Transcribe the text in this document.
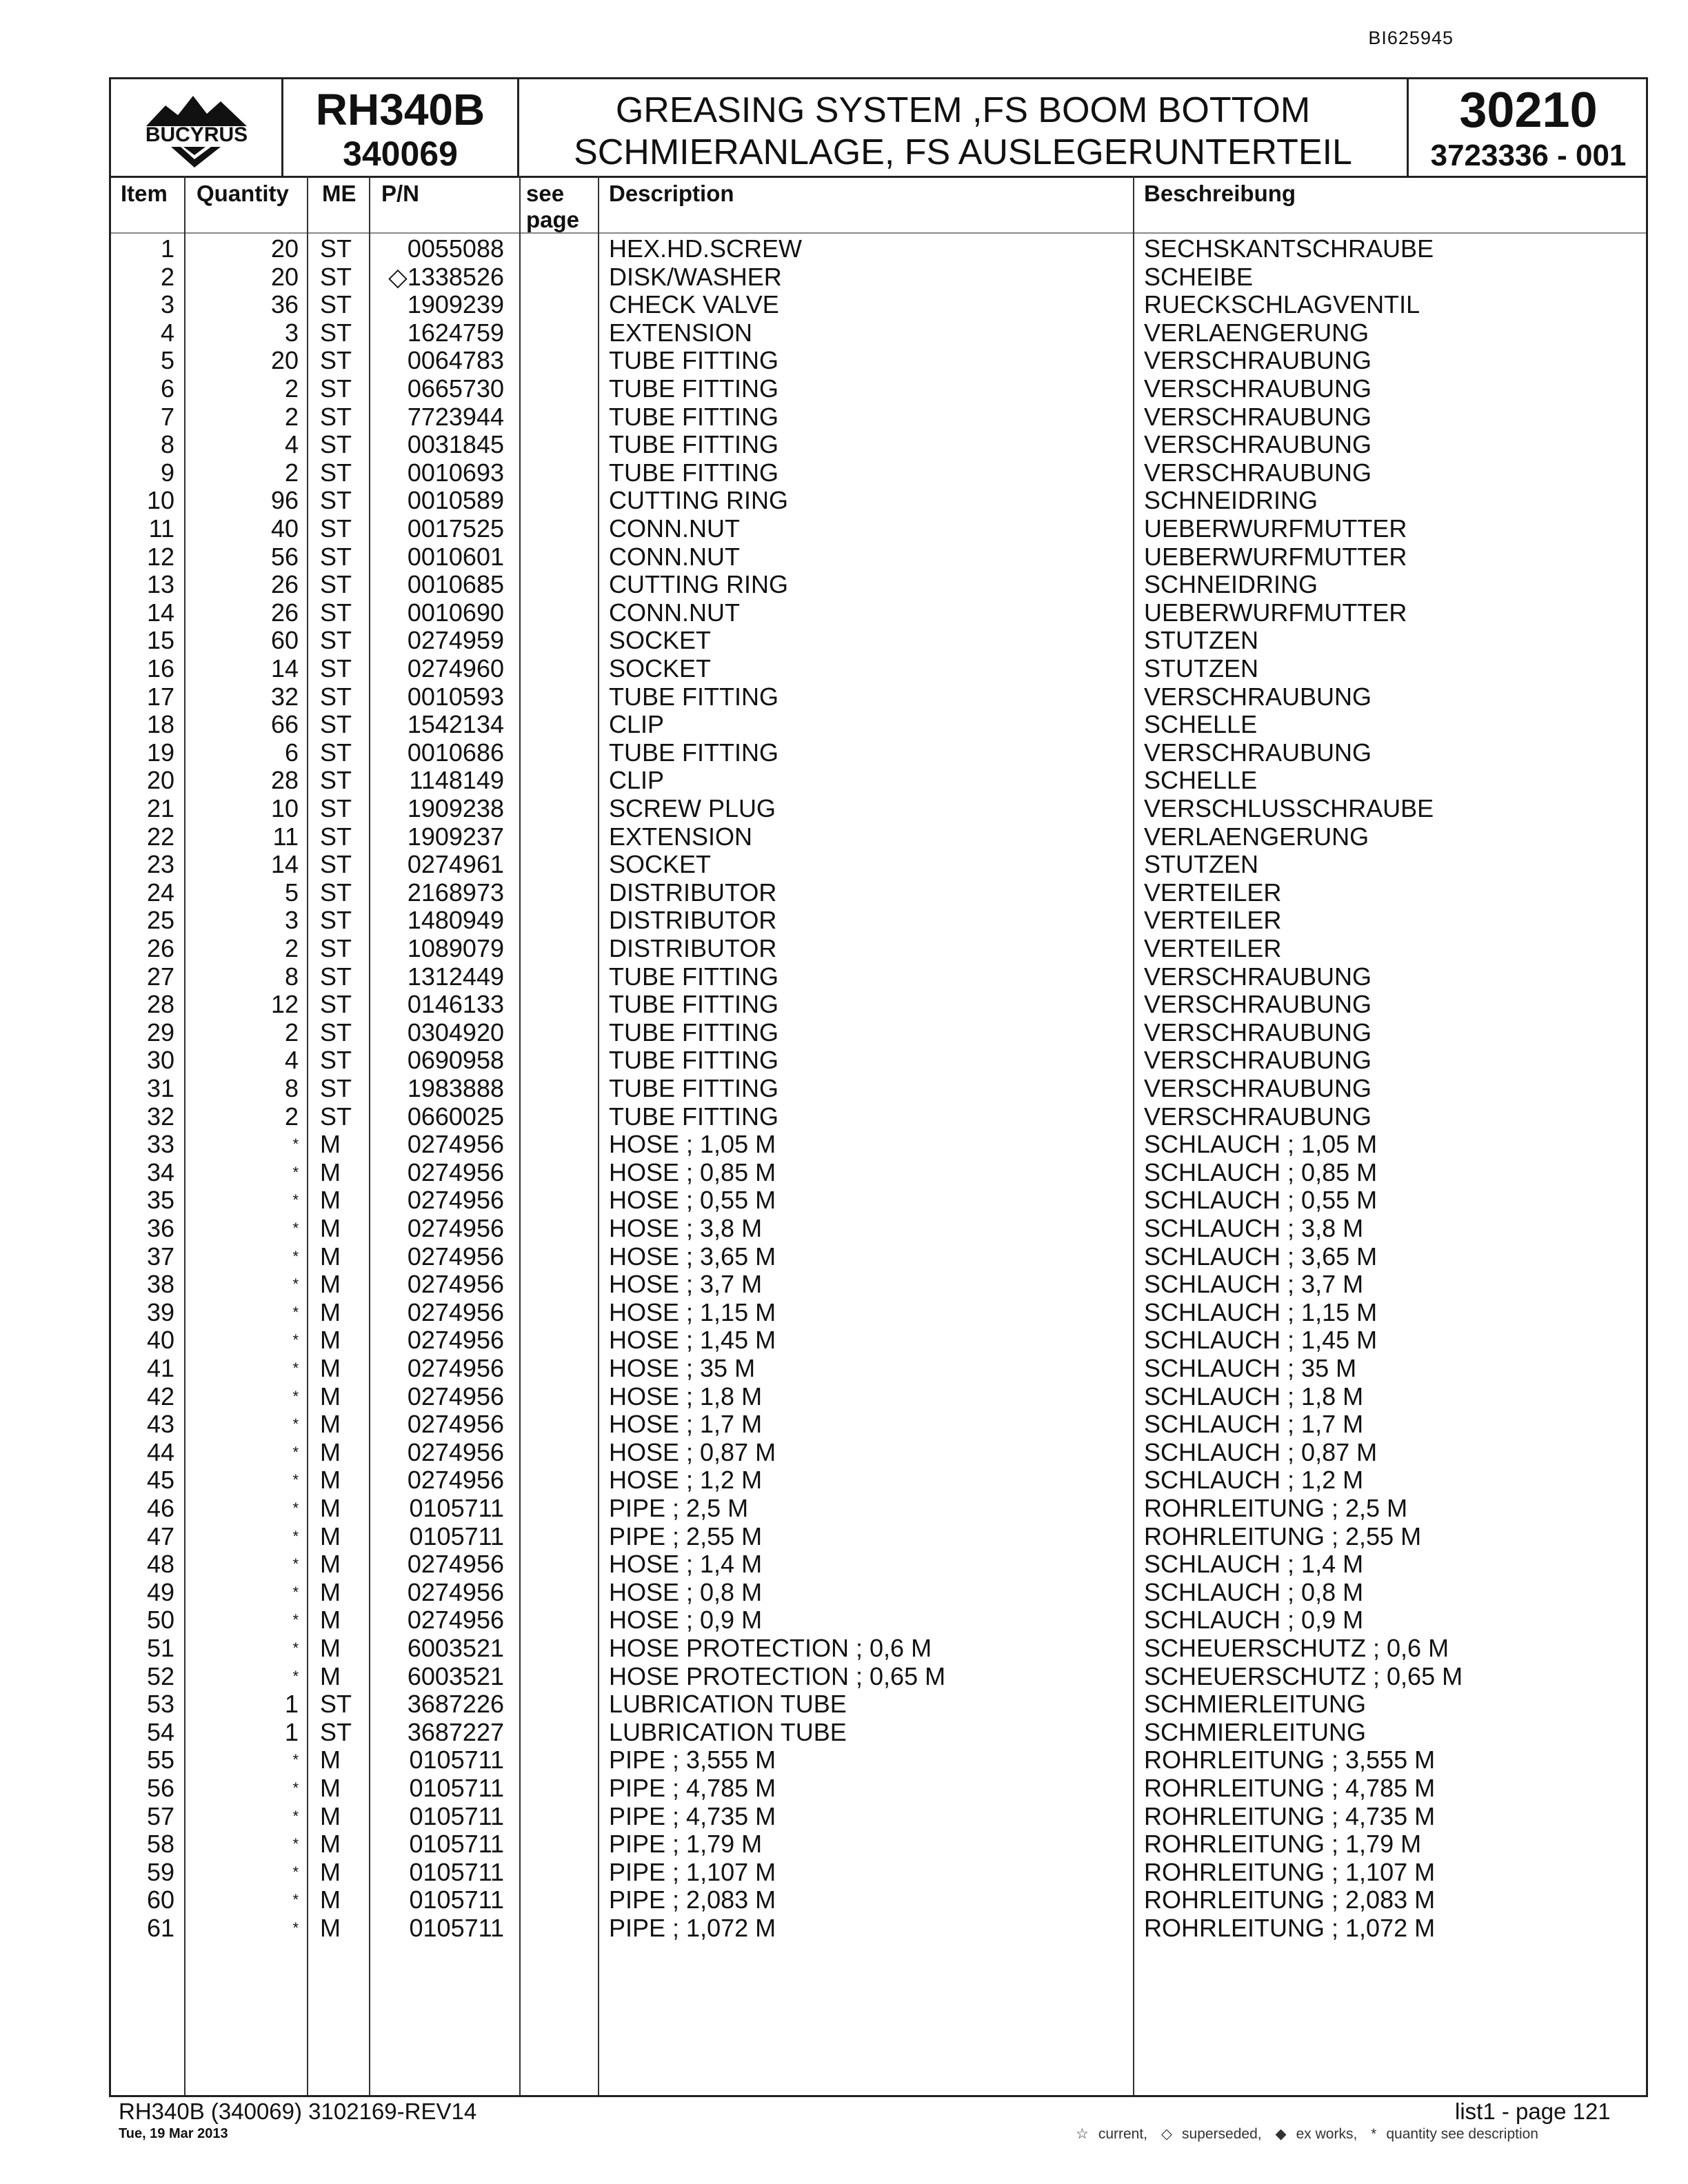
BI625945
BUCYRUS
RH340B
340069
GREASING SYSTEM ,FS BOOM BOTTOM
SCHMIERANLAGE, FS AUSLEGERUNTERTEIL
30210
3723336 - 001
Item Quantity ME P/N	see
page
Description	Beschreibung
1	20 ST 0055088	HEX.HD.SCREW	SECHSKANTSCHRAUBE
2	20 ST ◇1338526	DISK/WASHER	SCHEIBE
3	36 ST 1909239	CHECK VALVE	RUECKSCHLAGVENTIL
4	3 ST 1624759	EXTENSION	VERLAENGERUNG
5	20 ST 0064783	TUBE FITTING	VERSCHRAUBUNG
6	2 ST 0665730	TUBE FITTING	VERSCHRAUBUNG
7	2 ST 7723944	TUBE FITTING	VERSCHRAUBUNG
8	4 ST 0031845	TUBE FITTING	VERSCHRAUBUNG
9	2 ST 0010693	TUBE FITTING	VERSCHRAUBUNG
10	96 ST 0010589	CUTTING RING	SCHNEIDRING
11	40 ST 0017525	CONN.NUT	UEBERWURFMUTTER
12	56 ST 0010601	CONN.NUT	UEBERWURFMUTTER
13	26 ST 0010685	CUTTING RING	SCHNEIDRING
14	26 ST 0010690	CONN.NUT	UEBERWURFMUTTER
15	60 ST 0274959	SOCKET	STUTZEN
16	14 ST 0274960	SOCKET	STUTZEN
17	32 ST 0010593	TUBE FITTING	VERSCHRAUBUNG
18	66 ST 1542134	CLIP	SCHELLE
19	6 ST 0010686	TUBE FITTING	VERSCHRAUBUNG
20	28 ST 1148149	CLIP	SCHELLE
21	10 ST 1909238	SCREW PLUG	VERSCHLUSSCHRAUBE
22	11 ST 1909237	EXTENSION	VERLAENGERUNG
23	14 ST 0274961	SOCKET	STUTZEN
24	5 ST 2168973	DISTRIBUTOR	VERTEILER
25	3 ST 1480949	DISTRIBUTOR	VERTEILER
26	2 ST 1089079	DISTRIBUTOR	VERTEILER
27	8 ST 1312449	TUBE FITTING	VERSCHRAUBUNG
28	12 ST 0146133	TUBE FITTING	VERSCHRAUBUNG
29	2 ST 0304920	TUBE FITTING	VERSCHRAUBUNG
30	4 ST 0690958	TUBE FITTING	VERSCHRAUBUNG
31	8 ST 1983888	TUBE FITTING	VERSCHRAUBUNG
32	2 ST 0660025	TUBE FITTING	VERSCHRAUBUNG
33	* M	0274956	HOSE ; 1,05 M	SCHLAUCH ; 1,05 M
34	* M	0274956	HOSE ; 0,85 M	SCHLAUCH ; 0,85 M
35	* M	0274956	HOSE ; 0,55 M	SCHLAUCH ; 0,55 M
36	* M	0274956	HOSE ; 3,8 M	SCHLAUCH ; 3,8 M
37	* M	0274956	HOSE ; 3,65 M	SCHLAUCH ; 3,65 M
38	* M	0274956	HOSE ; 3,7 M	SCHLAUCH ; 3,7 M
39	* M	0274956	HOSE ; 1,15 M	SCHLAUCH ; 1,15 M
40	* M	0274956	HOSE ; 1,45 M	SCHLAUCH ; 1,45 M
41	* M	0274956	HOSE ; 35 M	SCHLAUCH ; 35 M
42	* M	0274956	HOSE ; 1,8 M	SCHLAUCH ; 1,8 M
43	* M	0274956	HOSE ; 1,7 M	SCHLAUCH ; 1,7 M
44	* M	0274956	HOSE ; 0,87 M	SCHLAUCH ; 0,87 M
45	* M	0274956	HOSE ; 1,2 M	SCHLAUCH ; 1,2 M
46	* M	0105711	PIPE ; 2,5 M	ROHRLEITUNG ; 2,5 M
47	* M	0105711	PIPE ; 2,55 M	ROHRLEITUNG ; 2,55 M
48	* M	0274956	HOSE ; 1,4 M	SCHLAUCH ; 1,4 M
49	* M	0274956	HOSE ; 0,8 M	SCHLAUCH ; 0,8 M
50	* M	0274956	HOSE ; 0,9 M	SCHLAUCH ; 0,9 M
51	* M	6003521	HOSE PROTECTION ; 0,6 M	SCHEUERSCHUTZ ; 0,6 M
52	* M	6003521	HOSE PROTECTION ; 0,65 M	SCHEUERSCHUTZ ; 0,65 M
53	1 ST 3687226	LUBRICATION TUBE	SCHMIERLEITUNG
54	1 ST 3687227	LUBRICATION TUBE	SCHMIERLEITUNG
55	* M	0105711	PIPE ; 3,555 M	ROHRLEITUNG ; 3,555 M
56	* M	0105711	PIPE ; 4,785 M	ROHRLEITUNG ; 4,785 M
57	* M	0105711	PIPE ; 4,735 M	ROHRLEITUNG ; 4,735 M
58	* M	0105711	PIPE ; 1,79 M	ROHRLEITUNG ; 1,79 M
59	* M	0105711	PIPE ; 1,107 M	ROHRLEITUNG ; 1,107 M
60	* M	0105711	PIPE ; 2,083 M	ROHRLEITUNG ; 2,083 M
61	* M	0105711	PIPE ; 1,072 M	ROHRLEITUNG ; 1,072 M
RH340B (340069) 3102169-REV14
Tue, 19 Mar 2013
list1 - page 121
☆ current, ◇ superseded, ◆ ex works, * quantity see description
